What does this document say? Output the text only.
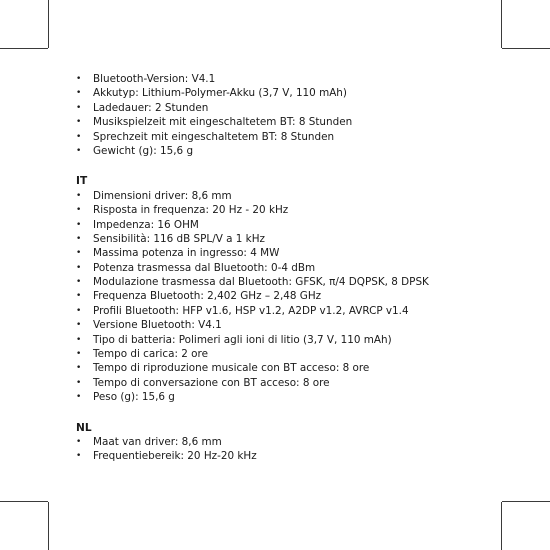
• Bluetooth-Version: V4.1
• Akkutyp: Lithium-Polymer-Akku (3,7 V, 110 mAh)
• Ladedauer: 2 Stunden
• Musikspielzeit mit eingeschaltetem BT: 8 Stunden
• Sprechzeit mit eingeschaltetem BT: 8 Stunden
• Gewicht (g): 15,6 g
IT
• Dimensioni driver: 8,6 mm
• Risposta in frequenza: 20 Hz - 20 kHz
• Impedenza: 16 OHM
• Sensibilità: 116 dB SPL/V a 1 kHz
• Massima potenza in ingresso: 4 MW
• Potenza trasmessa dal Bluetooth: 0-4 dBm
• Modulazione trasmessa dal Bluetooth: GFSK, π/4 DQPSK, 8 DPSK
• Frequenza Bluetooth: 2,402 GHz – 2,48 GHz
• Profili Bluetooth: HFP v1.6, HSP v1.2, A2DP v1.2, AVRCP v1.4
• Versione Bluetooth: V4.1
• Tipo di batteria: Polimeri agli ioni di litio (3,7 V, 110 mAh)
• Tempo di carica: 2 ore
• Tempo di riproduzione musicale con BT acceso: 8 ore
• Tempo di conversazione con BT acceso: 8 ore
• Peso (g): 15,6 g
NL
• Maat van driver: 8,6 mm
• Frequentiebereik: 20 Hz-20 kHz
